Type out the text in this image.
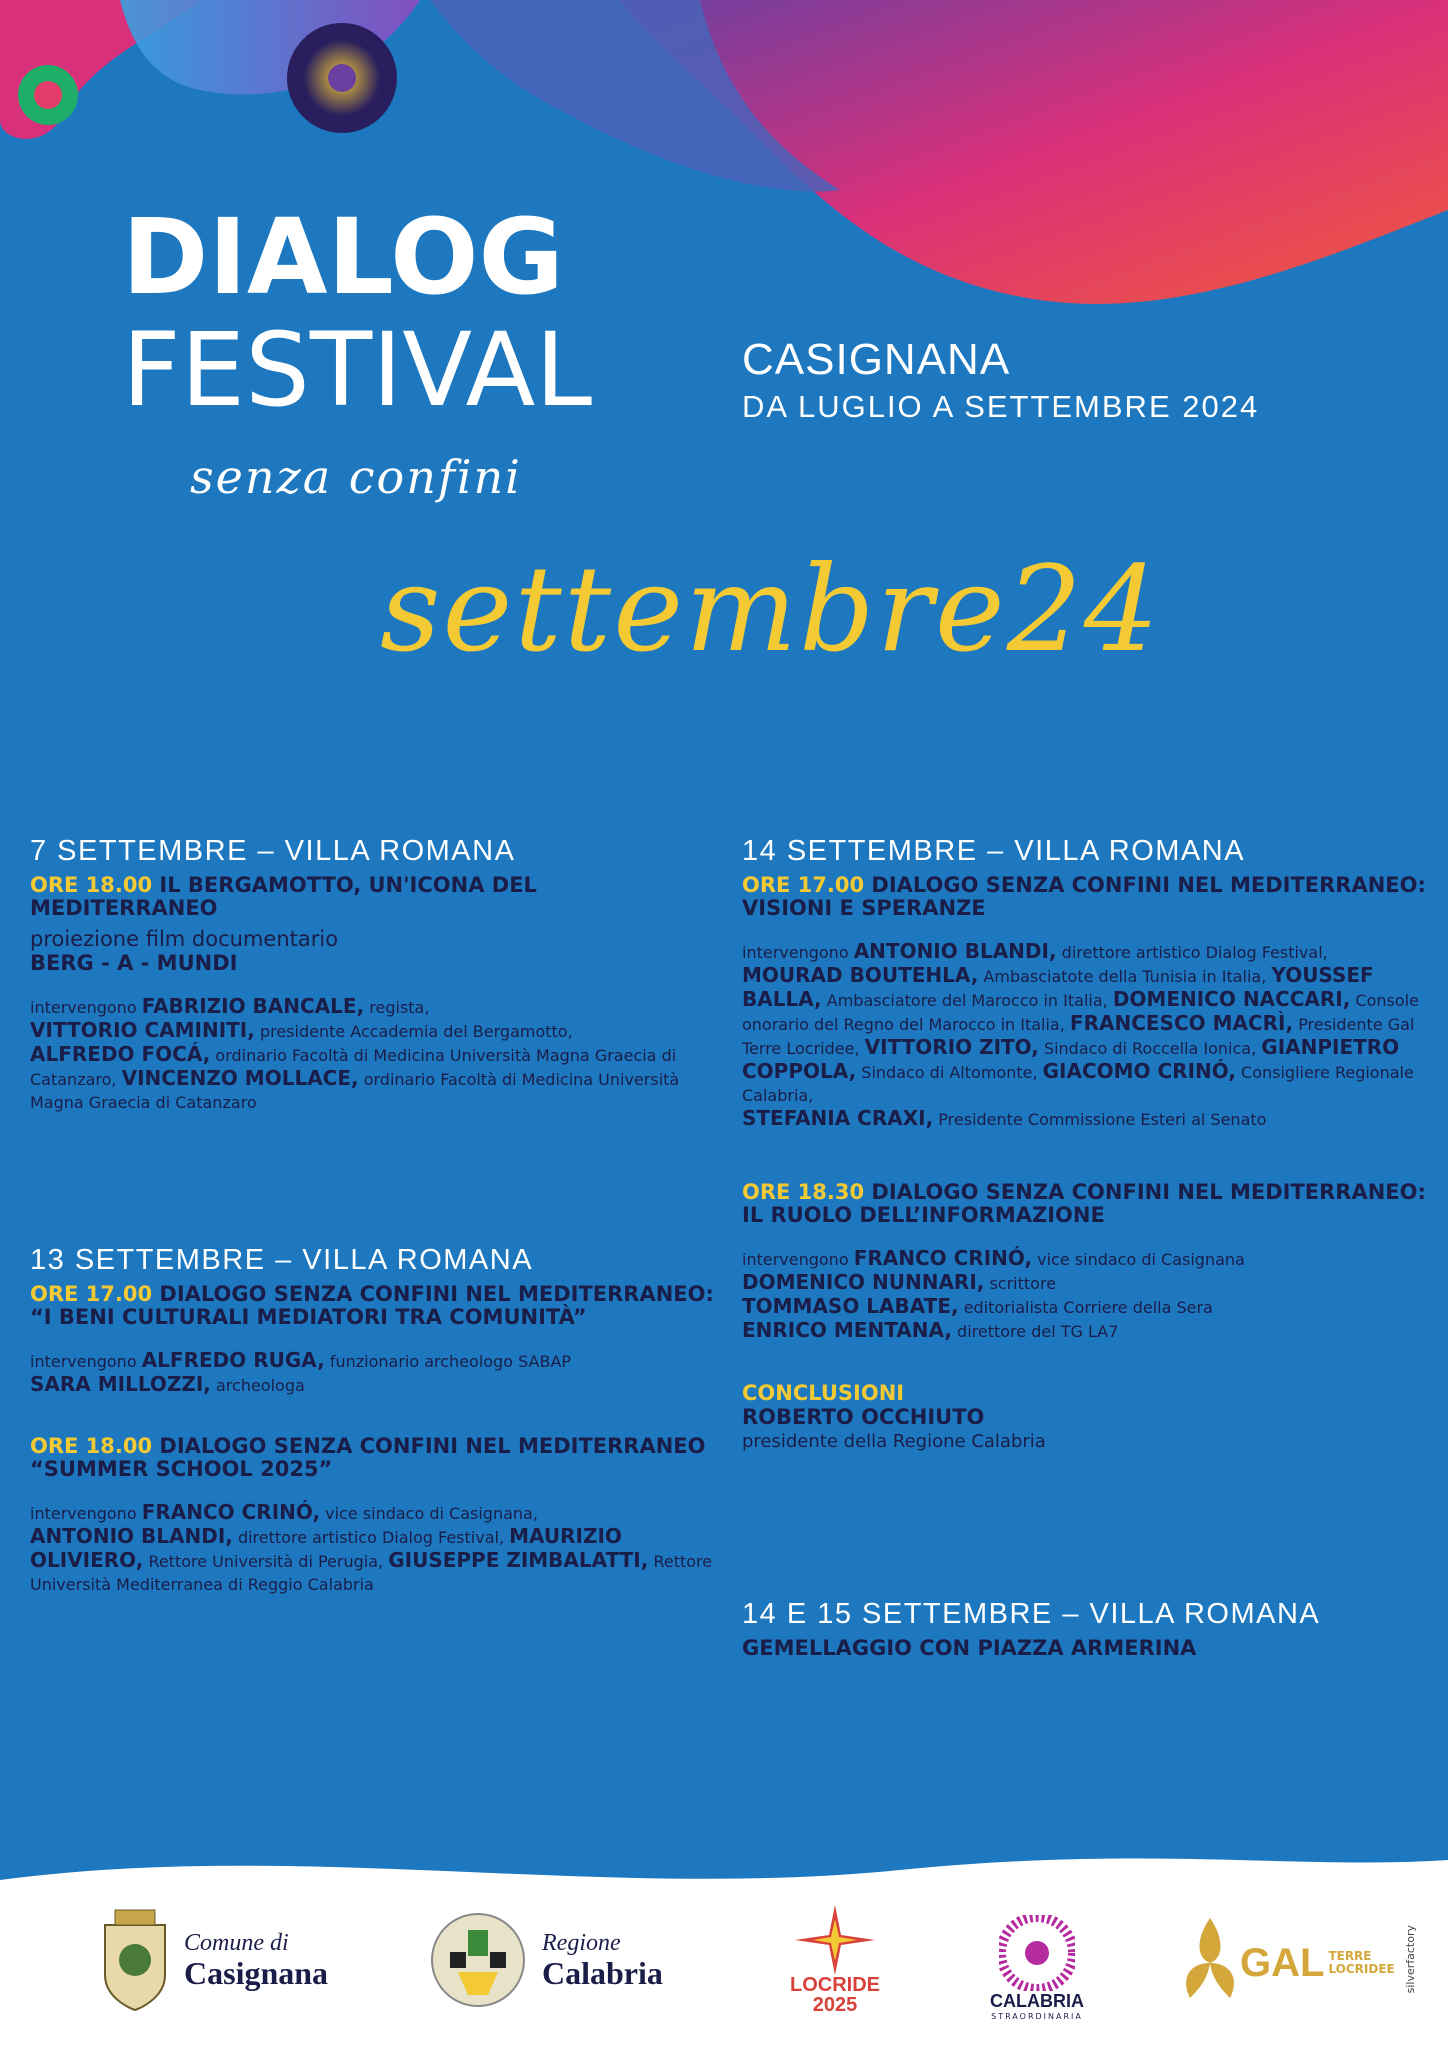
DIALOG
FESTIVAL
senza confini
CASIGNANA
DA LUGLIO A SETTEMBRE 2024
settembre24
7 SETTEMBRE – VILLA ROMANA
ORE 18.00 IL BERGAMOTTO, UN'ICONA DEL MEDITERRANEO
proiezione film documentario
BERG - A - MUNDI
intervengono FABRIZIO BANCALE, regista,
VITTORIO CAMINITI, presidente Accademia del Bergamotto,
ALFREDO FOCÁ, ordinario Facoltà di Medicina Università Magna Graecia di Catanzaro, VINCENZO MOLLACE, ordinario Facoltà di Medicina Università Magna Graecia di Catanzaro
13 SETTEMBRE – VILLA ROMANA
ORE 17.00 DIALOGO SENZA CONFINI NEL MEDITERRANEO: “I BENI CULTURALI MEDIATORI TRA COMUNITÀ”
intervengono ALFREDO RUGA, funzionario archeologo SABAP
SARA MILLOZZI, archeologa
ORE 18.00 DIALOGO SENZA CONFINI NEL MEDITERRANEO “SUMMER SCHOOL 2025”
intervengono FRANCO CRINÓ, vice sindaco di Casignana,
ANTONIO BLANDI, direttore artistico Dialog Festival, MAURIZIO OLIVIERO, Rettore Università di Perugia, GIUSEPPE ZIMBALATTI, Rettore Università Mediterranea di Reggio Calabria
14 SETTEMBRE – VILLA ROMANA
ORE 17.00 DIALOGO SENZA CONFINI NEL MEDITERRANEO: VISIONI E SPERANZE
intervengono ANTONIO BLANDI, direttore artistico Dialog Festival, MOURAD BOUTEHLA, Ambasciatote della Tunisia in Italia, YOUSSEF BALLA, Ambasciatore del Marocco in Italia, DOMENICO NACCARI, Console onorario del Regno del Marocco in Italia, FRANCESCO MACRÌ, Presidente Gal Terre Locridee, VITTORIO ZITO, Sindaco di Roccella Ionica, GIANPIETRO COPPOLA, Sindaco di Altomonte, GIACOMO CRINÓ, Consigliere Regionale Calabria,
STEFANIA CRAXI, Presidente Commissione Esteri al Senato
ORE 18.30 DIALOGO SENZA CONFINI NEL MEDITERRANEO: IL RUOLO DELL’INFORMAZIONE
intervengono FRANCO CRINÓ, vice sindaco di Casignana
DOMENICO NUNNARI, scrittore
TOMMASO LABATE, editorialista Corriere della Sera
ENRICO MENTANA, direttore del TG LA7
CONCLUSIONI
ROBERTO OCCHIUTO
presidente della Regione Calabria
14 E 15 SETTEMBRE – VILLA ROMANA
GEMELLAGGIO CON PIAZZA ARMERINA
Comune di
Casignana
Regione
Calabria	LOCRIDE
2025	CALABRIA
STRAORDINARIA
GAL TERRE
LOCRIDEE silverfactory
